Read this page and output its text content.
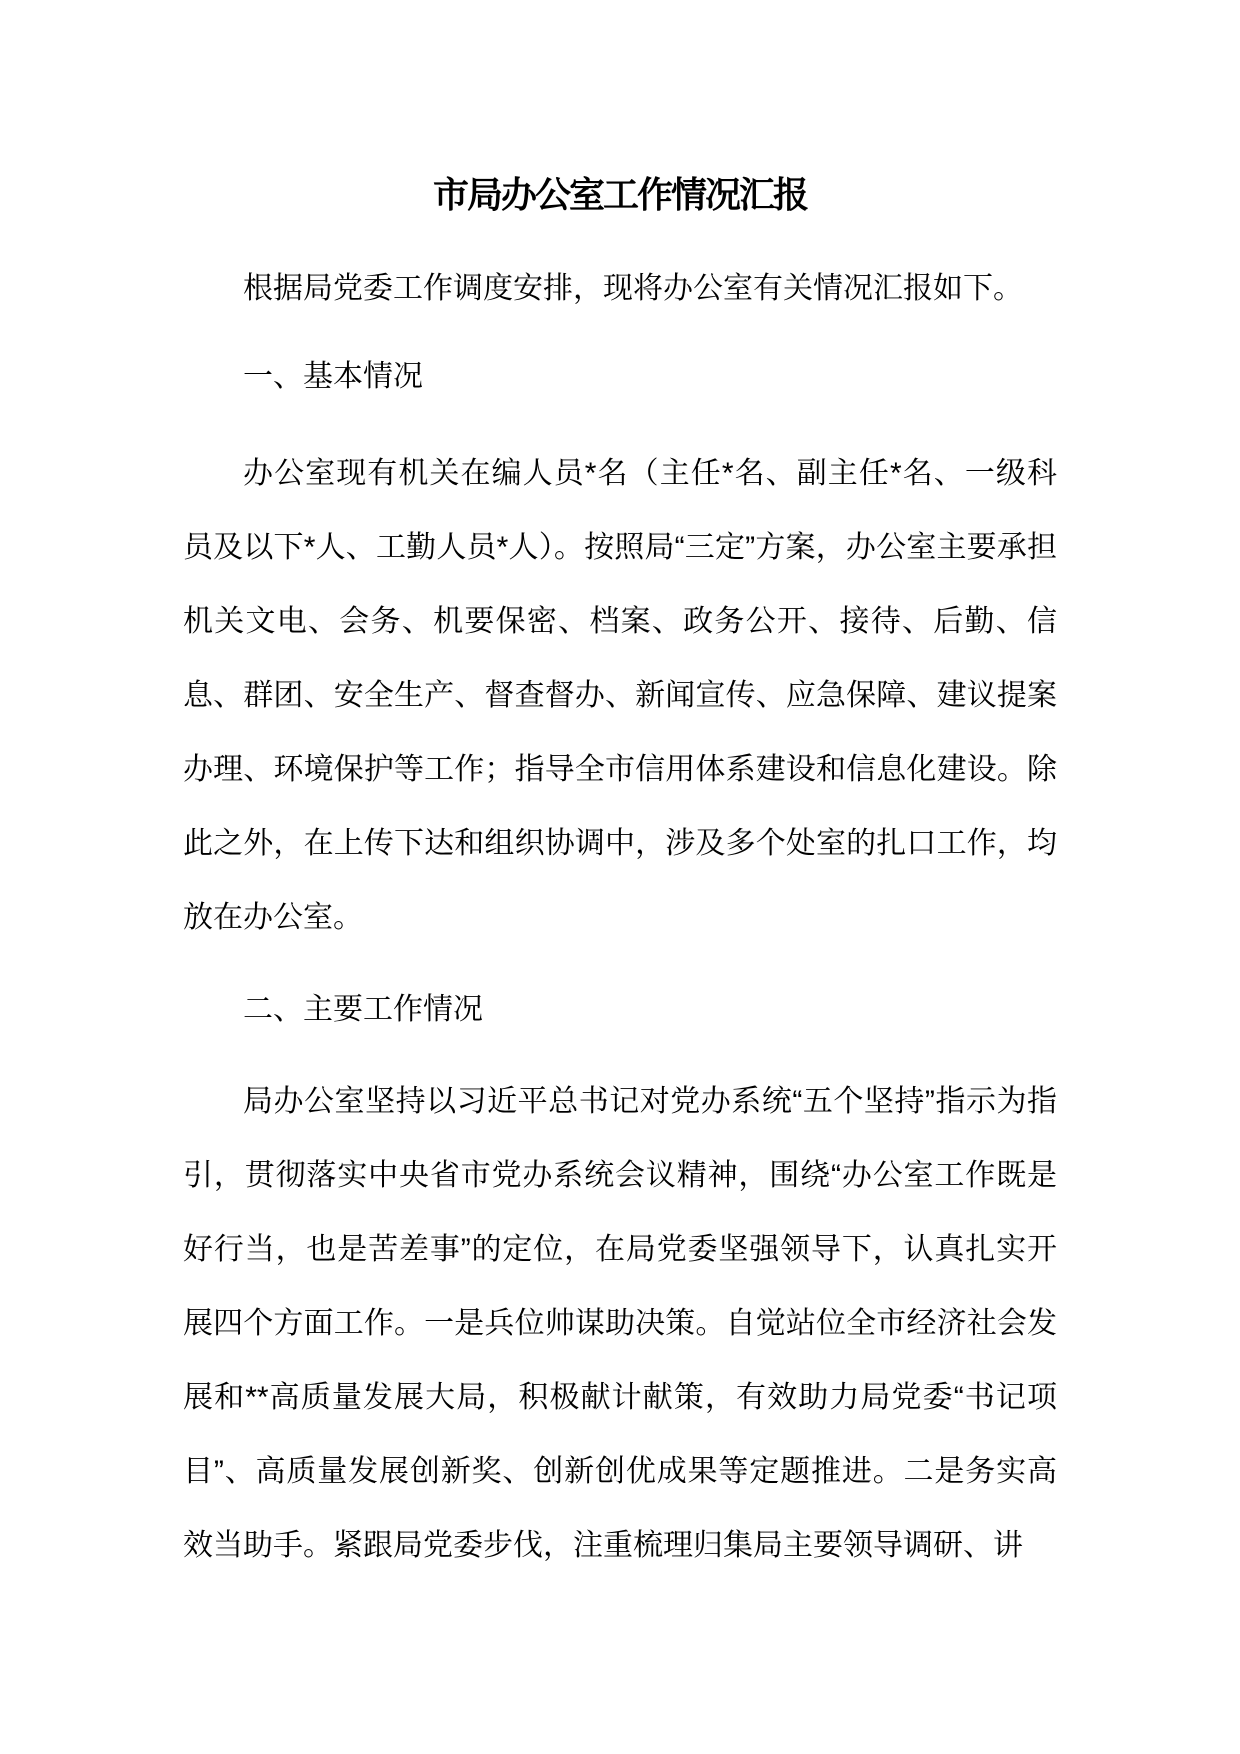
市局办公室工作情况汇报

根据局党委工作调度安排，现将办公室有关情况汇报如下。

一、基本情况

办公室现有机关在编人员*名（主任*名、副主任*名、一级科员及以下*人、工勤人员*人）。按照局“三定”方案，办公室主要承担机关文电、会务、机要保密、档案、政务公开、接待、后勤、信息、群团、安全生产、督查督办、新闻宣传、应急保障、建议提案办理、环境保护等工作；指导全市信用体系建设和信息化建设。除此之外，在上传下达和组织协调中，涉及多个处室的扎口工作，均放在办公室。

二、主要工作情况

局办公室坚持以习近平总书记对党办系统“五个坚持”指示为指引，贯彻落实中央省市党办系统会议精神，围绕“办公室工作既是好行当，也是苦差事”的定位，在局党委坚强领导下，认真扎实开展四个方面工作。一是兵位帅谋助决策。自觉站位全市经济社会发展和**高质量发展大局，积极献计献策，有效助力局党委“书记项目”、高质量发展创新奖、创新创优成果等定题推进。二是务实高效当助手。紧跟局党委步伐，注重梳理归集局主要领导调研、讲
